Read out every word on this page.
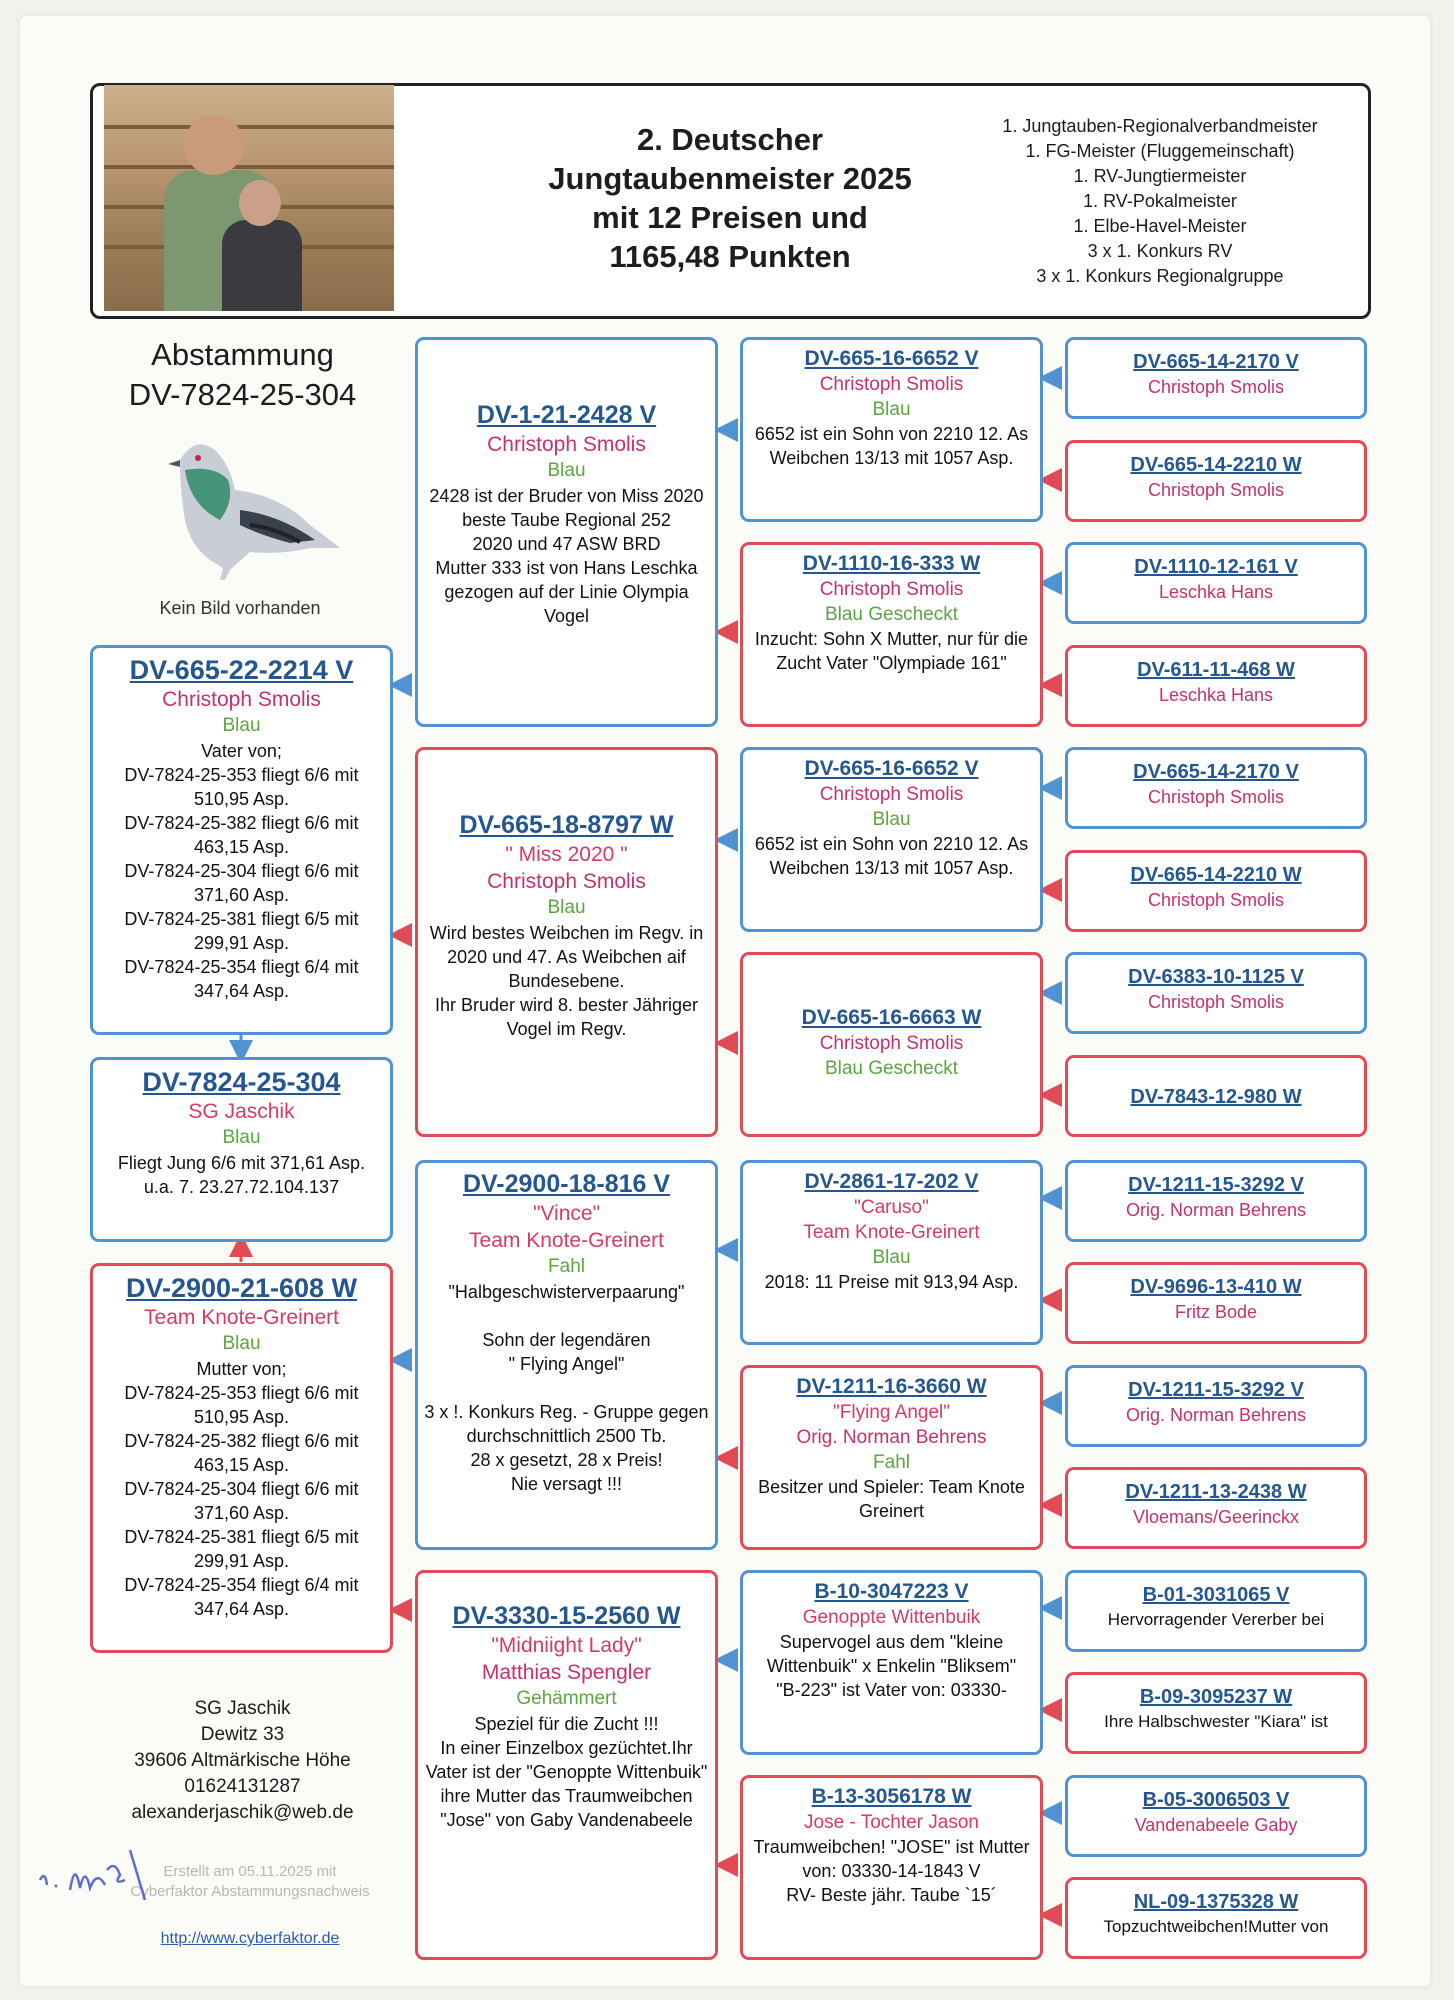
2. Deutscher
Jungtaubenmeister 2025
mit 12 Preisen und
1165,48 Punkten
1. Jungtauben-Regionalverbandmeister
1. FG-Meister (Fluggemeinschaft)
1. RV-Jungtiermeister
1. RV-Pokalmeister
1. Elbe-Havel-Meister
3 x 1. Konkurs RV
3 x 1. Konkurs Regionalgruppe
Abstammung
DV-7824-25-304
Kein Bild vorhanden

DV-665-22-2214 V

Christoph Smolis

Blau

Vater von;
DV-7824-25-353 fliegt 6/6 mit 510,95 Asp.
DV-7824-25-382 fliegt 6/6 mit 463,15 Asp.
DV-7824-25-304 fliegt 6/6 mit 371,60 Asp.
DV-7824-25-381 fliegt 6/5 mit 299,91 Asp.
DV-7824-25-354 fliegt 6/4 mit 347,64 Asp.

DV-7824-25-304

SG Jaschik

Blau

Fliegt Jung 6/6 mit 371,61 Asp.
u.a. 7. 23.27.72.104.137

DV-2900-21-608 W

Team Knote-Greinert

Blau

Mutter von;
DV-7824-25-353 fliegt 6/6 mit 510,95 Asp.
DV-7824-25-382 fliegt 6/6 mit 463,15 Asp.
DV-7824-25-304 fliegt 6/6 mit 371,60 Asp.
DV-7824-25-381 fliegt 6/5 mit 299,91 Asp.
DV-7824-25-354 fliegt 6/4 mit 347,64 Asp.

DV-1-21-2428 V

Christoph Smolis

Blau

2428 ist der Bruder von Miss 2020 beste Taube Regional 252
2020 und 47 ASW BRD
Mutter 333 ist von Hans Leschka gezogen auf der Linie Olympia Vogel

DV-665-18-8797 W

" Miss 2020 "

Christoph Smolis

Blau

Wird bestes Weibchen im Regv. in 2020 und 47. As Weibchen aif Bundesebene.
Ihr Bruder wird 8. bester Jähriger
Vogel im Regv.

DV-2900-18-816 V

"Vince"

Team Knote-Greinert

Fahl

"Halbgeschwisterverpaarung"

Sohn der legendären
" Flying Angel"

3 x !. Konkurs Reg. - Gruppe gegen durchschnittlich 2500 Tb.
28 x gesetzt, 28 x Preis!
Nie versagt !!!

DV-3330-15-2560 W

"Midniight Lady"

Matthias Spengler

Gehämmert

Speziel für die Zucht !!!
In einer Einzelbox gezüchtet.Ihr Vater ist der "Genoppte Wittenbuik"
ihre Mutter das Traumweibchen
"Jose" von Gaby Vandenabeele

DV-665-16-6652 V

Christoph Smolis

Blau

6652 ist ein Sohn von 2210 12. As Weibchen 13/13 mit 1057 Asp.

DV-1110-16-333 W

Christoph Smolis

Blau Gescheckt

Inzucht: Sohn X Mutter, nur für die Zucht Vater "Olympiade 161"

DV-665-16-6652 V

Christoph Smolis

Blau

6652 ist ein Sohn von 2210 12. As Weibchen 13/13 mit 1057 Asp.

DV-665-16-6663 W

Christoph Smolis

Blau Gescheckt

DV-2861-17-202 V

"Caruso"

Team Knote-Greinert

Blau

2018: 11 Preise mit 913,94 Asp.

DV-1211-16-3660 W

"Flying Angel"

Orig. Norman Behrens

Fahl

Besitzer und Spieler: Team Knote Greinert

B-10-3047223 V

Genoppte Wittenbuik

Supervogel aus dem "kleine Wittenbuik" x Enkelin "Bliksem"
"B-223" ist Vater von: 03330-

B-13-3056178 W

Jose - Tochter Jason

Traumweibchen! "JOSE" ist Mutter von: 03330-14-1843 V
RV- Beste jähr. Taube `15´

DV-665-14-2170 V

Christoph Smolis

DV-665-14-2210 W

Christoph Smolis

DV-1110-12-161 V

Leschka Hans

DV-611-11-468 W

Leschka Hans

DV-665-14-2170 V

Christoph Smolis

DV-665-14-2210 W

Christoph Smolis

DV-6383-10-1125 V

Christoph Smolis

DV-7843-12-980 W

DV-1211-15-3292 V

Orig. Norman Behrens

DV-9696-13-410 W

Fritz Bode

DV-1211-15-3292 V

Orig. Norman Behrens

DV-1211-13-2438 W

Vloemans/Geerinckx

B-01-3031065 V

Hervorragender Vererber bei

B-09-3095237 W

Ihre Halbschwester "Kiara" ist

B-05-3006503 V

Vandenabeele Gaby

NL-09-1375328 W

Topzuchtweibchen!Mutter von

SG Jaschik
Dewitz 33
39606 Altmärkische Höhe
01624131287
alexanderjaschik@web.de
Erstellt am 05.11.2025 mit Cyberfaktor Abstammungsnachweis
http://www.cyberfaktor.de
